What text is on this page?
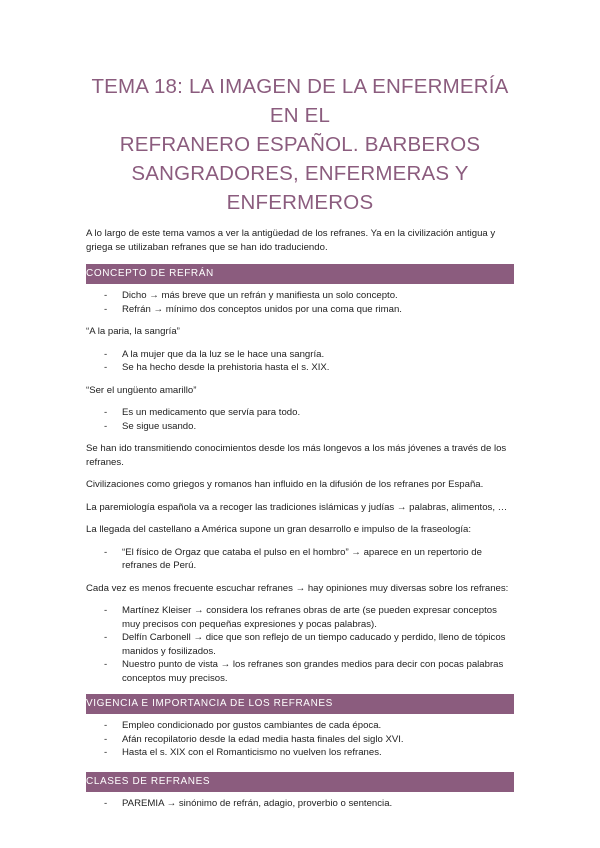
TEMA 18: LA IMAGEN DE LA ENFERMERÍA EN EL
REFRANERO ESPAÑOL. BARBEROS
SANGRADORES, ENFERMERAS Y ENFERMEROS

A lo largo de este tema vamos a ver la antigüedad de los refranes. Ya en la civilización antigua y griega se utilizaban refranes que se han ido traduciendo.

CONCEPTO DE REFRÁN
- Dicho → más breve que un refrán y manifiesta un solo concepto.
- Refrán → mínimo dos conceptos unidos por una coma que riman.

“A la paria, la sangría”

- A la mujer que da la luz se le hace una sangría.
- Se ha hecho desde la prehistoria hasta el s. XIX.

“Ser el ungüento amarillo”

- Es un medicamento que servía para todo.
- Se sigue usando.

Se han ido transmitiendo conocimientos desde los más longevos a los más jóvenes a través de los refranes.

Civilizaciones como griegos y romanos han influido en la difusión de los refranes por España.

La paremiología española va a recoger las tradiciones islámicas y judías → palabras, alimentos, …

La llegada del castellano a América supone un gran desarrollo e impulso de la fraseología:

- “El físico de Orgaz que cataba el pulso en el hombro” → aparece en un repertorio de refranes de Perú.

Cada vez es menos frecuente escuchar refranes → hay opiniones muy diversas sobre los refranes:

- Martínez Kleiser → considera los refranes obras de arte (se pueden expresar conceptos muy precisos con pequeñas expresiones y pocas palabras).
- Delfín Carbonell → dice que son reflejo de un tiempo caducado y perdido, lleno de tópicos manidos y fosilizados.
- Nuestro punto de vista → los refranes son grandes medios para decir con pocas palabras conceptos muy precisos.
VIGENCIA E IMPORTANCIA DE LOS REFRANES
- Empleo condicionado por gustos cambiantes de cada época.
- Afán recopilatorio desde la edad media hasta finales del siglo XVI.
- Hasta el s. XIX con el Romanticismo no vuelven los refranes.
CLASES DE REFRANES
- PAREMIA → sinónimo de refrán, adagio, proverbio o sentencia.
